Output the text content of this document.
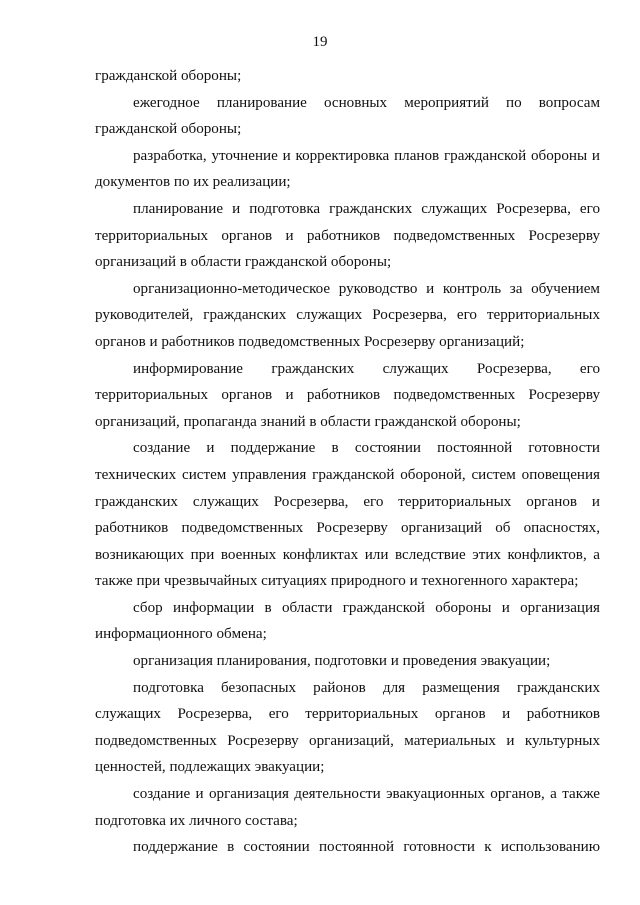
19

гражданской обороны;

ежегодное планирование основных мероприятий по вопросам гражданской обороны;

разработка, уточнение и корректировка планов гражданской обороны и документов по их реализации;

планирование и подготовка гражданских служащих Росрезерва, его территориальных органов и работников подведомственных Росрезерву организаций в области гражданской обороны;

организационно-методическое руководство и контроль за обучением руководителей, гражданских служащих Росрезерва, его территориальных органов и работников подведомственных Росрезерву организаций;

информирование гражданских служащих Росрезерва, его территориальных органов и работников подведомственных Росрезерву организаций, пропаганда знаний в области гражданской обороны;

создание и поддержание в состоянии постоянной готовности технических систем управления гражданской обороной, систем оповещения гражданских служащих Росрезерва, его территориальных органов и работников подведомственных Росрезерву организаций об опасностях, возникающих при военных конфликтах или вследствие этих конфликтов, а также при чрезвычайных ситуациях природного и техногенного характера;

сбор информации в области гражданской обороны и организация информационного обмена;

организация планирования, подготовки и проведения эвакуации;

подготовка безопасных районов для размещения гражданских служащих Росрезерва, его территориальных органов и работников подведомственных Росрезерву организаций, материальных и культурных ценностей, подлежащих эвакуации;

создание и организация деятельности эвакуационных органов, а также подготовка их личного состава;

поддержание в состоянии постоянной готовности к использованию
